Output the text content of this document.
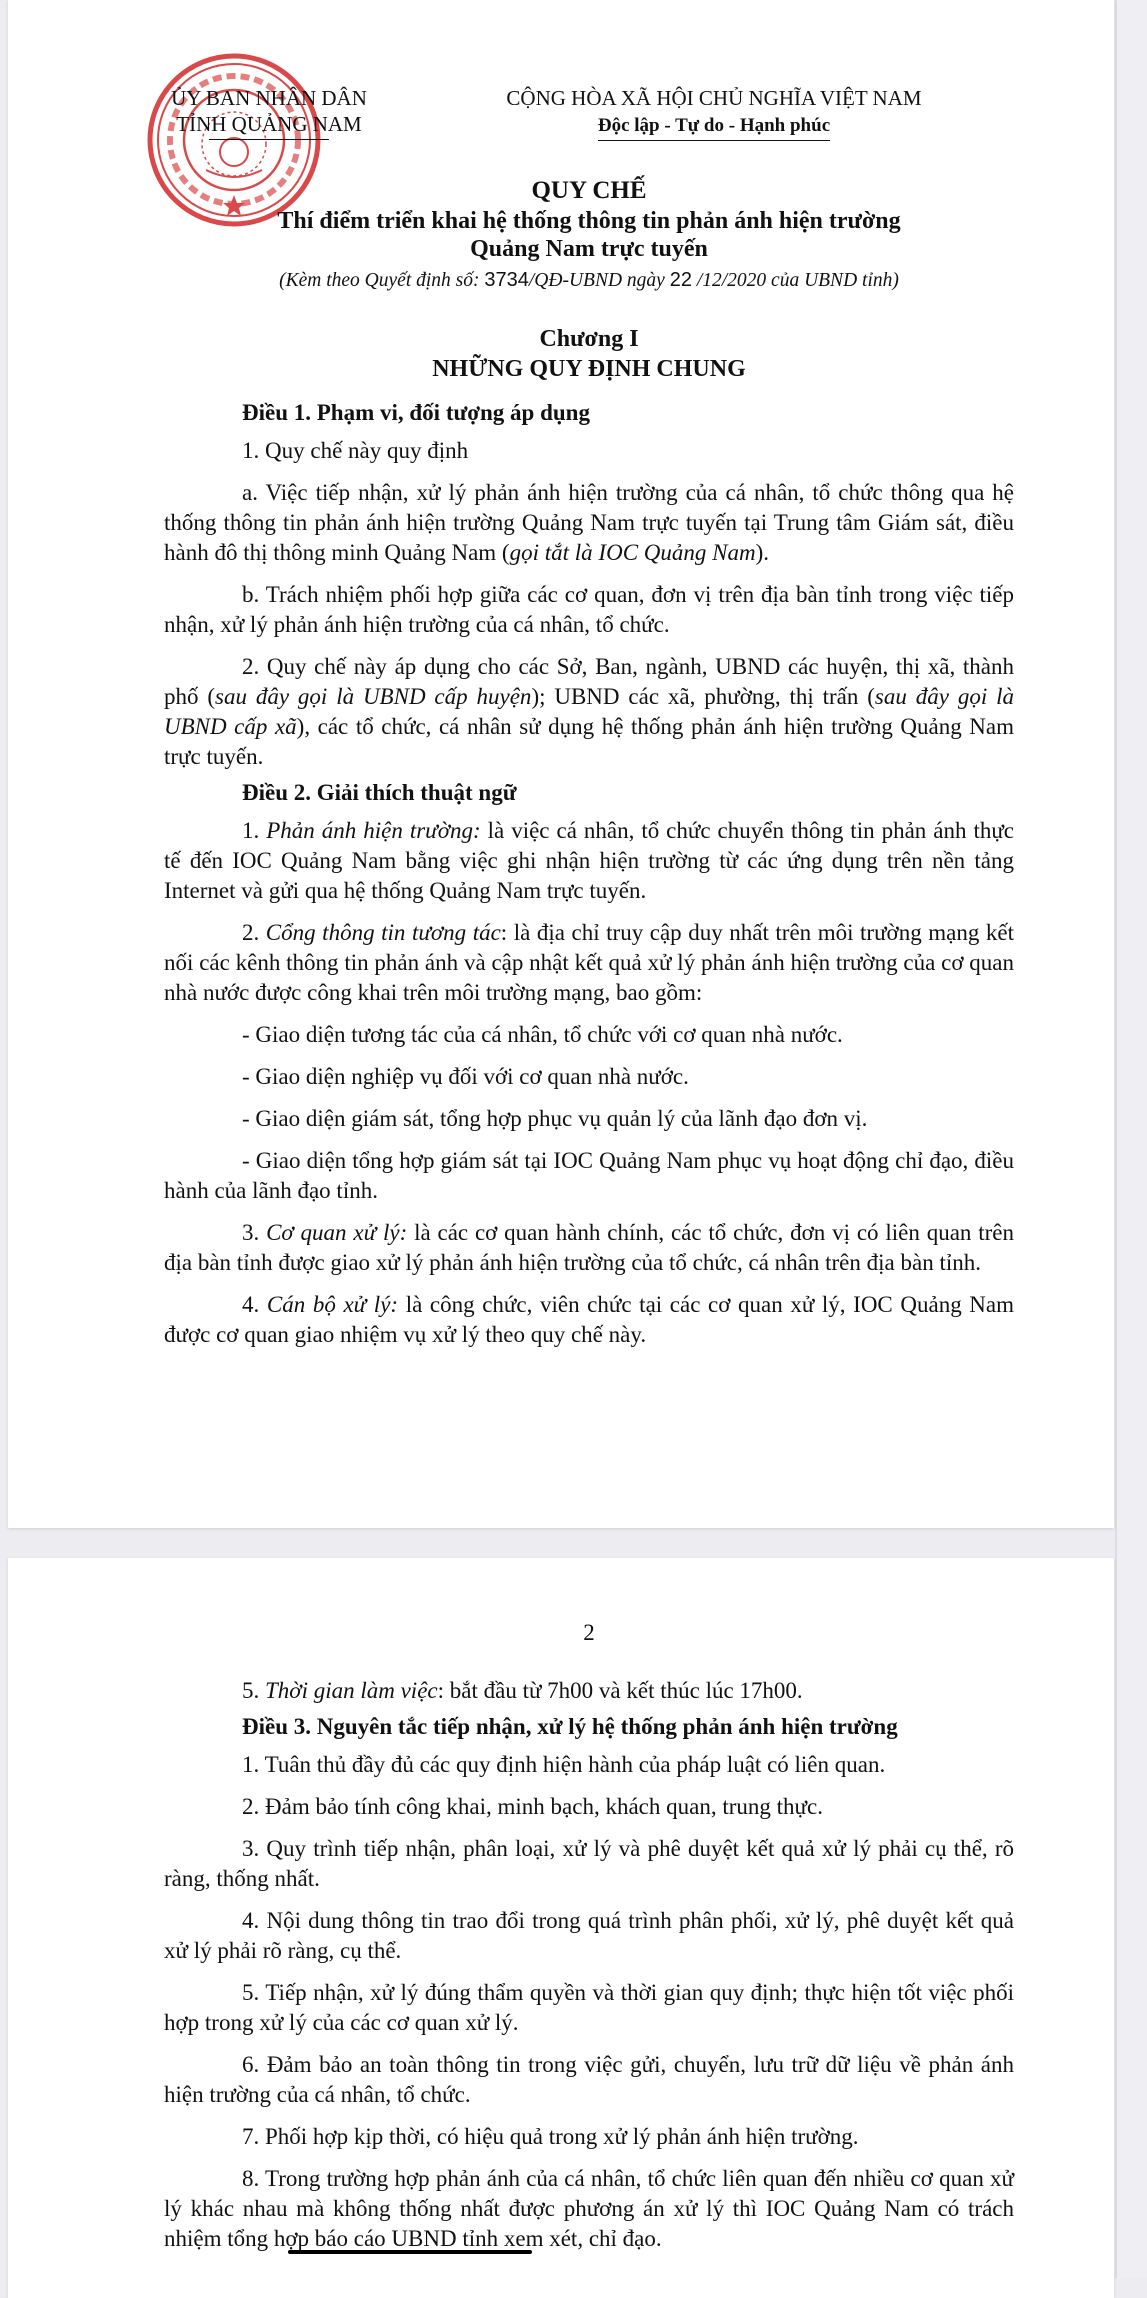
ỦY BAN NHÂN DÂN
TỈNH QUẢNG NAM
CỘNG HÒA XÃ HỘI CHỦ NGHĨA VIỆT NAM
Độc lập - Tự do - Hạnh phúc
QUY CHẾ
Thí điểm triển khai hệ thống thông tin phản ánh hiện trường
Quảng Nam trực tuyến
(Kèm theo Quyết định số: 3734/QĐ-UBND ngày 22 /12/2020 của UBND tỉnh)
Chương I
NHỮNG QUY ĐỊNH CHUNG
Điều 1. Phạm vi, đối tượng áp dụng
1. Quy chế này quy định
a. Việc tiếp nhận, xử lý phản ánh hiện trường của cá nhân, tổ chức thông qua hệ thống thông tin phản ánh hiện trường Quảng Nam trực tuyến tại Trung tâm Giám sát, điều hành đô thị thông minh Quảng Nam (gọi tắt là IOC Quảng Nam).
b. Trách nhiệm phối hợp giữa các cơ quan, đơn vị trên địa bàn tỉnh trong việc tiếp nhận, xử lý phản ánh hiện trường của cá nhân, tổ chức.
2. Quy chế này áp dụng cho các Sở, Ban, ngành, UBND các huyện, thị xã, thành phố (sau đây gọi là UBND cấp huyện); UBND các xã, phường, thị trấn (sau đây gọi là UBND cấp xã), các tổ chức, cá nhân sử dụng hệ thống phản ánh hiện trường Quảng Nam trực tuyến.
Điều 2. Giải thích thuật ngữ
1. Phản ánh hiện trường: là việc cá nhân, tổ chức chuyển thông tin phản ánh thực tế đến IOC Quảng Nam bằng việc ghi nhận hiện trường từ các ứng dụng trên nền tảng Internet và gửi qua hệ thống Quảng Nam trực tuyến.
2. Cổng thông tin tương tác: là địa chỉ truy cập duy nhất trên môi trường mạng kết nối các kênh thông tin phản ánh và cập nhật kết quả xử lý phản ánh hiện trường của cơ quan nhà nước được công khai trên môi trường mạng, bao gồm:
- Giao diện tương tác của cá nhân, tổ chức với cơ quan nhà nước.
- Giao diện nghiệp vụ đối với cơ quan nhà nước.
- Giao diện giám sát, tổng hợp phục vụ quản lý của lãnh đạo đơn vị.
- Giao diện tổng hợp giám sát tại IOC Quảng Nam phục vụ hoạt động chỉ đạo, điều hành của lãnh đạo tỉnh.
3. Cơ quan xử lý: là các cơ quan hành chính, các tổ chức, đơn vị có liên quan trên địa bàn tỉnh được giao xử lý phản ánh hiện trường của tổ chức, cá nhân trên địa bàn tỉnh.
4. Cán bộ xử lý: là công chức, viên chức tại các cơ quan xử lý, IOC Quảng Nam được cơ quan giao nhiệm vụ xử lý theo quy chế này.
2
5. Thời gian làm việc: bắt đầu từ 7h00 và kết thúc lúc 17h00.
Điều 3. Nguyên tắc tiếp nhận, xử lý hệ thống phản ánh hiện trường
1. Tuân thủ đầy đủ các quy định hiện hành của pháp luật có liên quan.
2. Đảm bảo tính công khai, minh bạch, khách quan, trung thực.
3. Quy trình tiếp nhận, phân loại, xử lý và phê duyệt kết quả xử lý phải cụ thể, rõ ràng, thống nhất.
4. Nội dung thông tin trao đổi trong quá trình phân phối, xử lý, phê duyệt kết quả xử lý phải rõ ràng, cụ thể.
5. Tiếp nhận, xử lý đúng thẩm quyền và thời gian quy định; thực hiện tốt việc phối hợp trong xử lý của các cơ quan xử lý.
6. Đảm bảo an toàn thông tin trong việc gửi, chuyển, lưu trữ dữ liệu về phản ánh hiện trường của cá nhân, tổ chức.
7. Phối hợp kịp thời, có hiệu quả trong xử lý phản ánh hiện trường.
8. Trong trường hợp phản ánh của cá nhân, tổ chức liên quan đến nhiều cơ quan xử lý khác nhau mà không thống nhất được phương án xử lý thì IOC Quảng Nam có trách nhiệm tổng hợp báo cáo UBND tỉnh xem xét, chỉ đạo.
